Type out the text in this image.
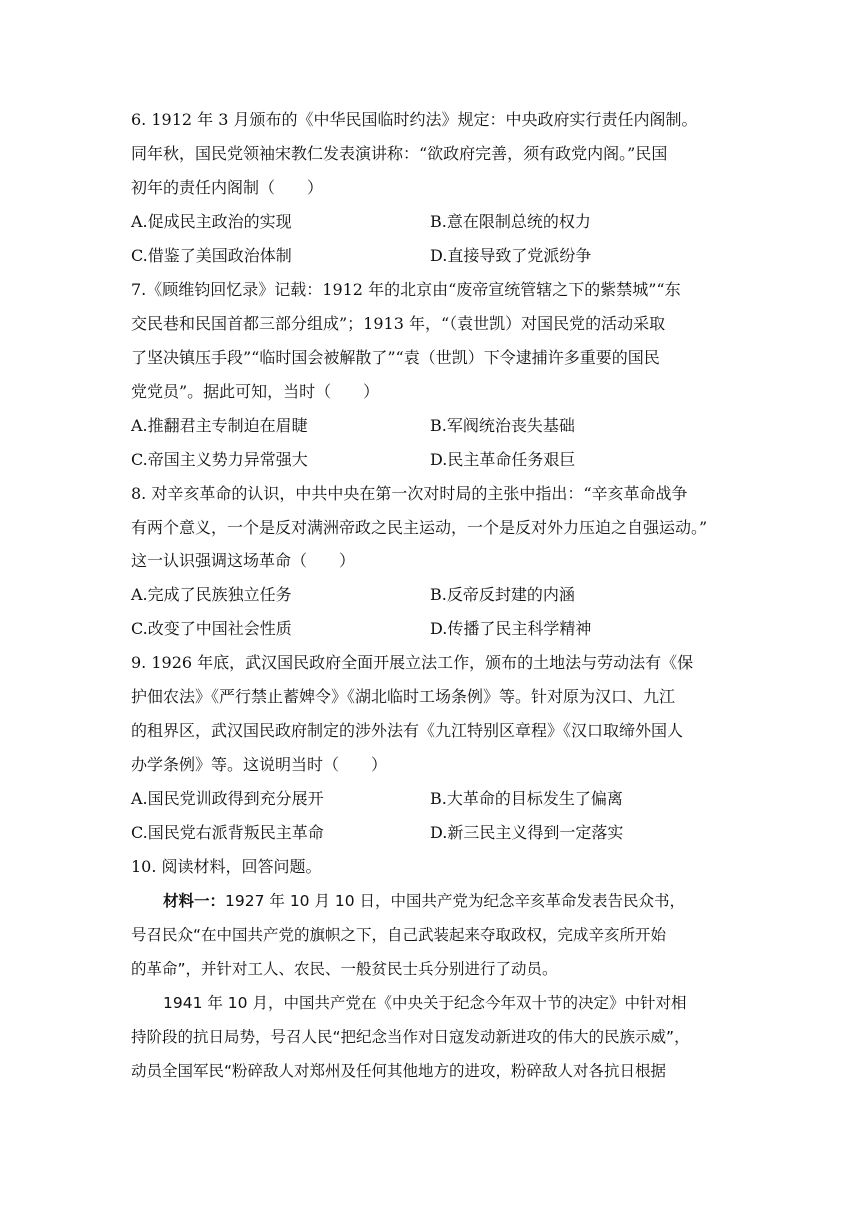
6. 1912 年 3 月颁布的《中华民国临时约法》规定：中央政府实行责任内阁制。
同年秋，国民党领袖宋教仁发表演讲称：“欲政府完善，须有政党内阁。”民国
初年的责任内阁制（　　）
A.促成民主政治的实现	B.意在限制总统的权力
C.借鉴了美国政治体制	D.直接导致了党派纷争
7.《顾维钧回忆录》记载：1912 年的北京由“废帝宣统管辖之下的紫禁城”“东
交民巷和民国首都三部分组成”；1913 年，“（袁世凯）对国民党的活动采取
了坚决镇压手段”“临时国会被解散了”“袁（世凯）下令逮捕许多重要的国民
党党员”。据此可知，当时（　　）
A.推翻君主专制迫在眉睫	B.军阀统治丧失基础
C.帝国主义势力异常强大	D.民主革命任务艰巨
8. 对辛亥革命的认识，中共中央在第一次对时局的主张中指出：“辛亥革命战争
有两个意义，一个是反对满洲帝政之民主运动，一个是反对外力压迫之自强运动。”
这一认识强调这场革命（　　）
A.完成了民族独立任务	B.反帝反封建的内涵
C.改变了中国社会性质	D.传播了民主科学精神
9. 1926 年底，武汉国民政府全面开展立法工作，颁布的土地法与劳动法有《保
护佃农法》《严行禁止蓄婢令》《湖北临时工场条例》等。针对原为汉口、九江
的租界区，武汉国民政府制定的涉外法有《九江特别区章程》《汉口取缔外国人
办学条例》等。这说明当时（　　）
A.国民党训政得到充分展开	B.大革命的目标发生了偏离
C.国民党右派背叛民主革命	D.新三民主义得到一定落实
10. 阅读材料，回答问题。
材料一：1927 年 10 月 10 日，中国共产党为纪念辛亥革命发表告民众书，
号召民众“在中国共产党的旗帜之下，自己武装起来夺取政权，完成辛亥所开始
的革命”，并针对工人、农民、一般贫民士兵分别进行了动员。
1941 年 10 月，中国共产党在《中央关于纪念今年双十节的决定》中针对相
持阶段的抗日局势，号召人民“把纪念当作对日寇发动新进攻的伟大的民族示威”，
动员全国军民“粉碎敌人对郑州及任何其他地方的进攻，粉碎敌人对各抗日根据
